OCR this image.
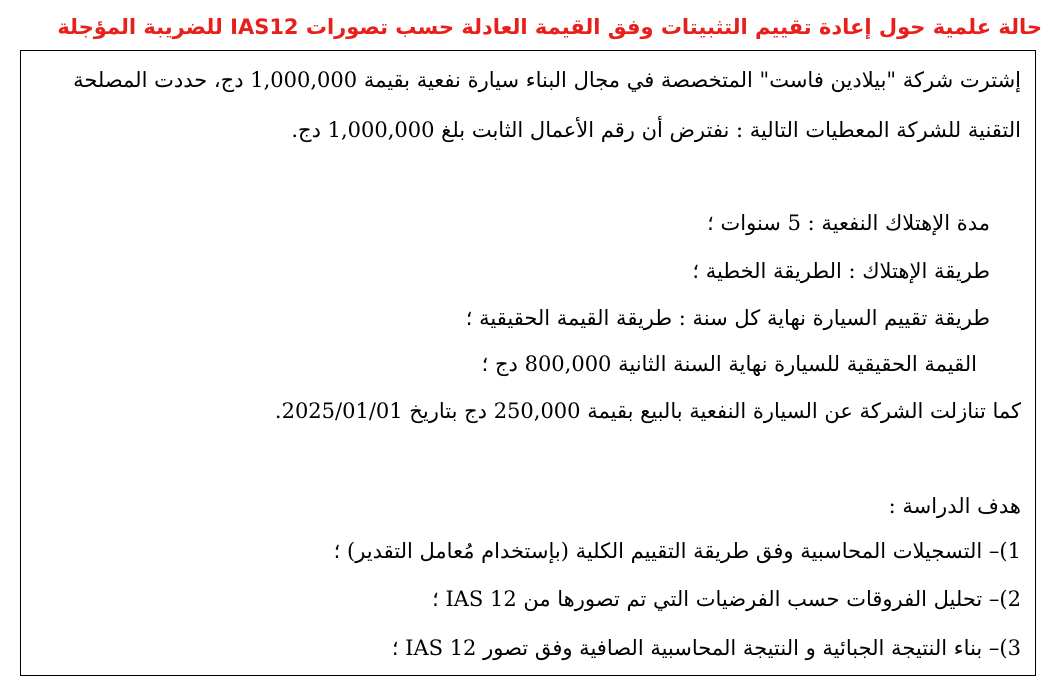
حالة علمية حول إعادة تقييم التثبيتات وفق القيمة العادلة حسب تصورات IAS12 للضريبة المؤجلة
إشترت شركة "بيلادين فاست" المتخصصة في مجال البناء سيارة نفعية بقيمة 1,000,000 دج، حددت المصلحة
التقنية للشركة المعطيات التالية : نفترض أن رقم الأعمال الثابت بلغ 1,000,000 دج.
مدة الإهتلاك النفعية : 5 سنوات ؛
طريقة الإهتلاك : الطريقة الخطية ؛
طريقة تقييم السيارة نهاية كل سنة : طريقة القيمة الحقيقية ؛
القيمة الحقيقية للسيارة نهاية السنة الثانية 800,000 دج ؛
كما تنازلت الشركة عن السيارة النفعية بالبيع بقيمة 250,000 دج بتاريخ 2025/01/01.
هدف الدراسة :
1)– التسجيلات المحاسبية وفق طريقة التقييم الكلية (بإستخدام مُعامل التقدير) ؛
2)– تحليل الفروقات حسب الفرضيات التي تم تصورها من IAS 12 ؛
3)– بناء النتيجة الجبائية و النتيجة المحاسبية الصافية وفق تصور IAS 12 ؛
